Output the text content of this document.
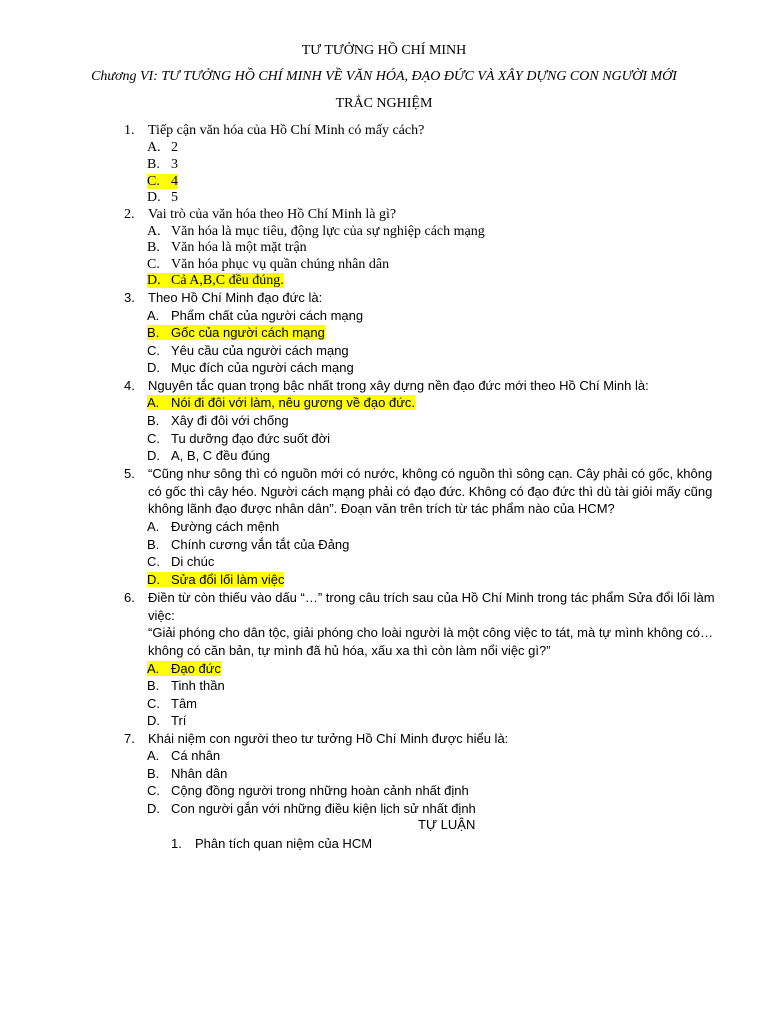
TƯ TƯỞNG HỒ CHÍ MINH
Chương VI: TƯ TƯỞNG HỒ CHÍ MINH VỀ VĂN HÓA, ĐẠO ĐỨC VÀ XÂY DỰNG CON NGƯỜI MỚI
TRẮC NGHIỆM
1. Tiếp cận văn hóa của Hồ Chí Minh có mấy cách?
A. 2
B. 3
C. 4
D. 5
2. Vai trò của văn hóa theo Hồ Chí Minh là gì?
A. Văn hóa là mục tiêu, động lực của sự nghiệp cách mạng
B. Văn hóa là một mặt trận
C. Văn hóa phục vụ quần chúng nhân dân
D. Cả A,B,C đều đúng.
3. Theo Hồ Chí Minh đạo đức là:
A. Phẩm chất của người cách mạng
B. Gốc của người cách mạng
C. Yêu cầu của người cách mạng
D. Mục đích của người cách mạng
4. Nguyên tắc quan trọng bậc nhất trong xây dựng nền đạo đức mới theo Hồ Chí Minh là:
A. Nói đi đôi với làm, nêu gương về đạo đức.
B. Xây đi đôi với chống
C. Tu dưỡng đạo đức suốt đời
D. A, B, C đều đúng
5. “Cũng như sông thì có nguồn mới có nước, không có nguồn thì sông cạn. Cây phải có gốc, không có gốc thì cây héo. Người cách mạng phải có đạo đức. Không có đạo đức thì dù tài giỏi mấy cũng không lãnh đạo được nhân dân”. Đoạn văn trên trích từ tác phẩm nào của HCM?
A. Đường cách mệnh
B. Chính cương vắn tắt của Đảng
C. Di chúc
D. Sửa đổi lối làm việc
6. Điền từ còn thiếu vào dấu “…” trong câu trích sau của Hồ Chí Minh trong tác phẩm Sửa đổi lối làm việc:
“Giải phóng cho dân tộc, giải phóng cho loài người là một công việc to tát, mà tự mình không có… không có căn bản, tự mình đã hủ hóa, xấu xa thì còn làm nổi việc gì?”
A. Đạo đức
B. Tinh thần
C. Tâm
D. Trí
7. Khái niệm con người theo tư tưởng Hồ Chí Minh được hiểu là:
A. Cá nhân
B. Nhân dân
C. Cộng đồng người trong những hoàn cảnh nhất định
D. Con người gắn với những điều kiện lịch sử nhất định
TỰ LUẬN
1. Phân tích quan niệm của HCM
